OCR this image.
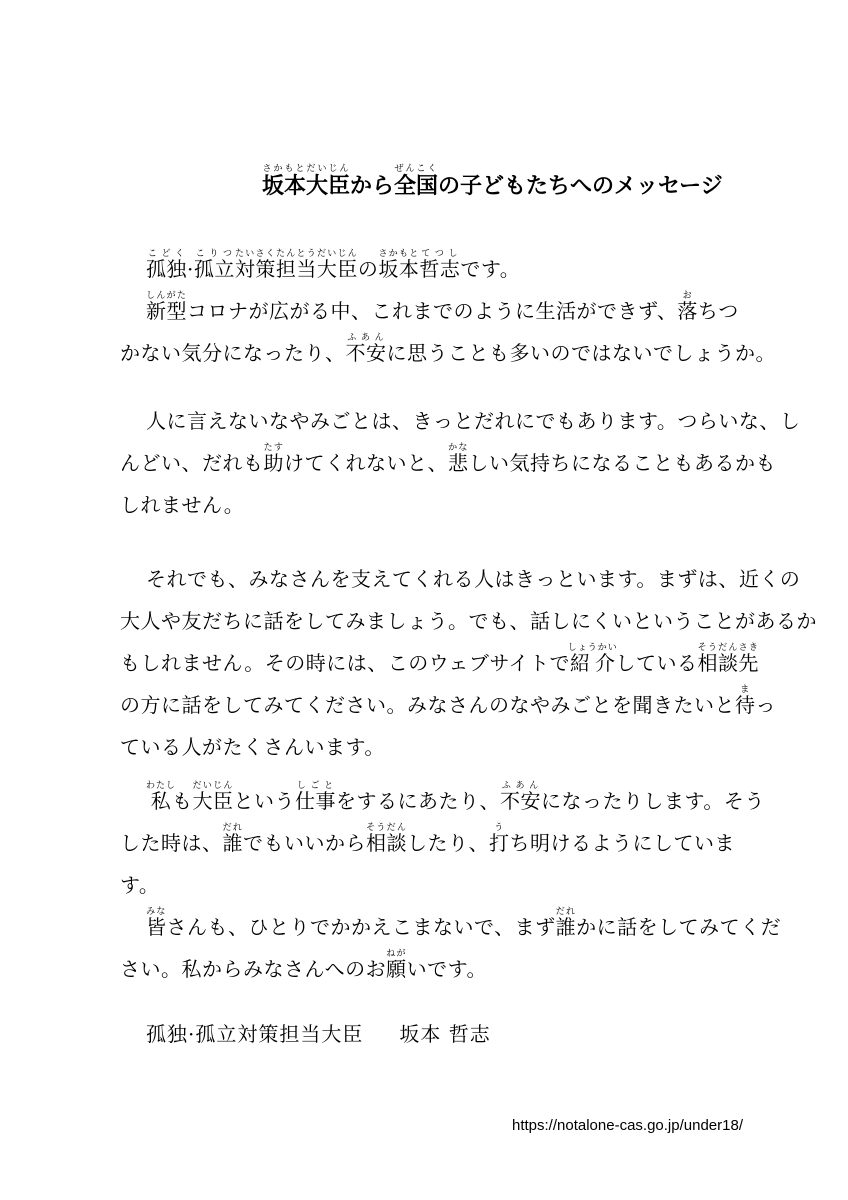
坂本大臣さかもとだいじんから全国ぜんこくの子どもたちへのメッセージ
孤独こどく·孤立こりつ対策たいさく担当たんとう大臣だいじんの坂本さかもと哲志てつしです。
新型しんがたコロナが広がる中、これまでのように生活ができず、落おちつ
かない気分になったり、不安ふあんに思うことも多いのではないでしょうか。
人に言えないなやみごとは、きっとだれにでもあります。つらいな、し
んどい、だれも助たすけてくれないと、悲かなしい気持ちになることもあるかも
しれません。
それでも、みなさんを支えてくれる人はきっといます。まずは、近くの
大人や友だちに話をしてみましょう。でも、話しにくいということがあるか
もしれません。その時には、このウェブサイトで紹介しょうかいしている相談先そうだんさき
の方に話をしてみてください。みなさんのなやみごとを聞きたいと待まっ
ている人がたくさんいます。
私わたしも大臣だいじんという仕事しごとをするにあたり、不安ふあんになったりします。そう
した時は、誰だれでもいいから相談そうだんしたり、打うち明けるようにしていま
す。
皆みなさんも、ひとりでかかえこまないで、まず誰だれかに話をしてみてくだ
さい。私からみなさんへのお願ねがいです。
孤独·孤立対策担当大臣 坂本 哲志
https://notalone-cas.go.jp/under18/
